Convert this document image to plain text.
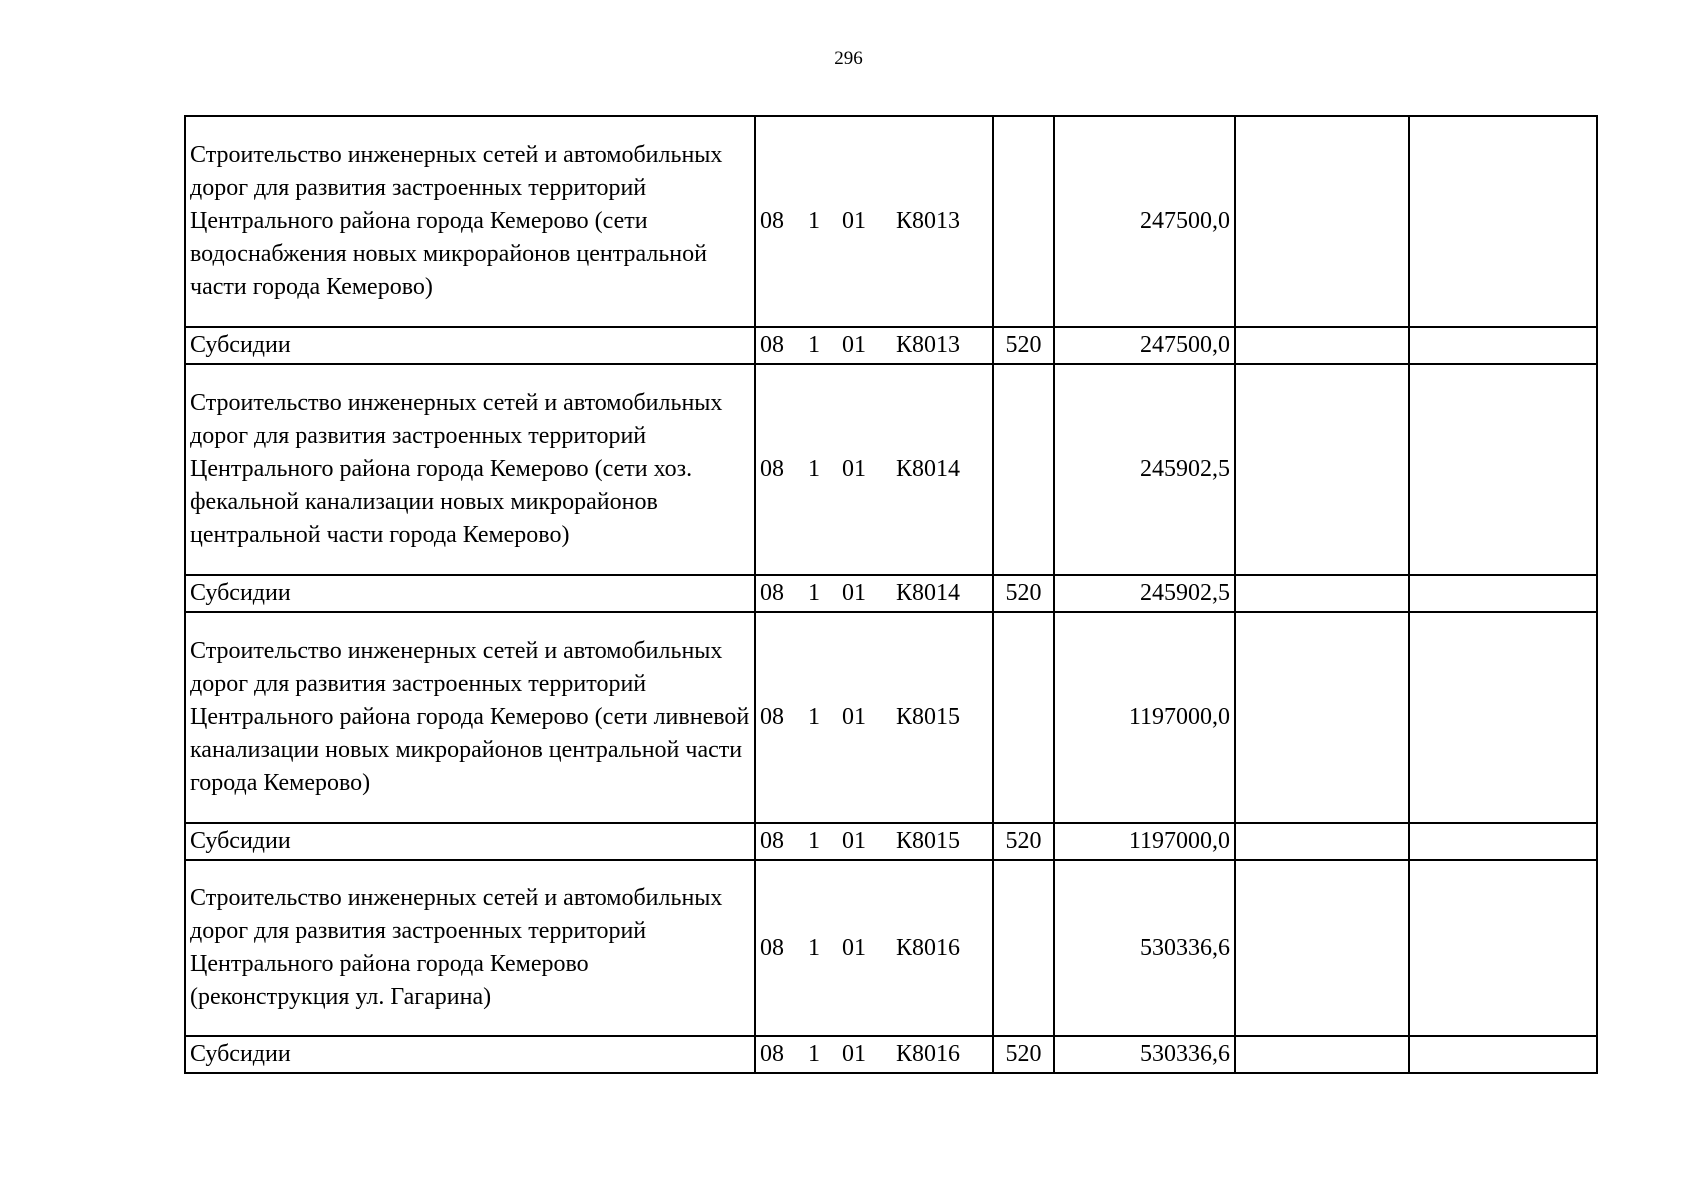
296
Строительство инженерных сетей и автомобильных дорог для развития застроенных территорий Центрального района города Кемерово (сети водоснабжения новых микрорайонов центральной части города Кемерово)	08 1 01 К8013		247500,0		
Субсидии	08 1 01 К8013	520	247500,0		
Строительство инженерных сетей и автомобильных дорог для развития застроенных территорий Центрального района города Кемерово (сети хоз. фекальной канализации новых микрорайонов центральной части города Кемерово)	08 1 01 К8014		245902,5		
Субсидии	08 1 01 К8014	520	245902,5		
Строительство инженерных сетей и автомобильных дорог для развития застроенных территорий Центрального района города Кемерово (сети ливневой канализации новых микрорайонов центральной части города Кемерово)	08 1 01 К8015		1197000,0		
Субсидии	08 1 01 К8015	520	1197000,0		
Строительство инженерных сетей и автомобильных дорог для развития застроенных территорий Центрального района города Кемерово (реконструкция ул. Гагарина)	08 1 01 К8016		530336,6		
Субсидии	08 1 01 К8016	520	530336,6		
